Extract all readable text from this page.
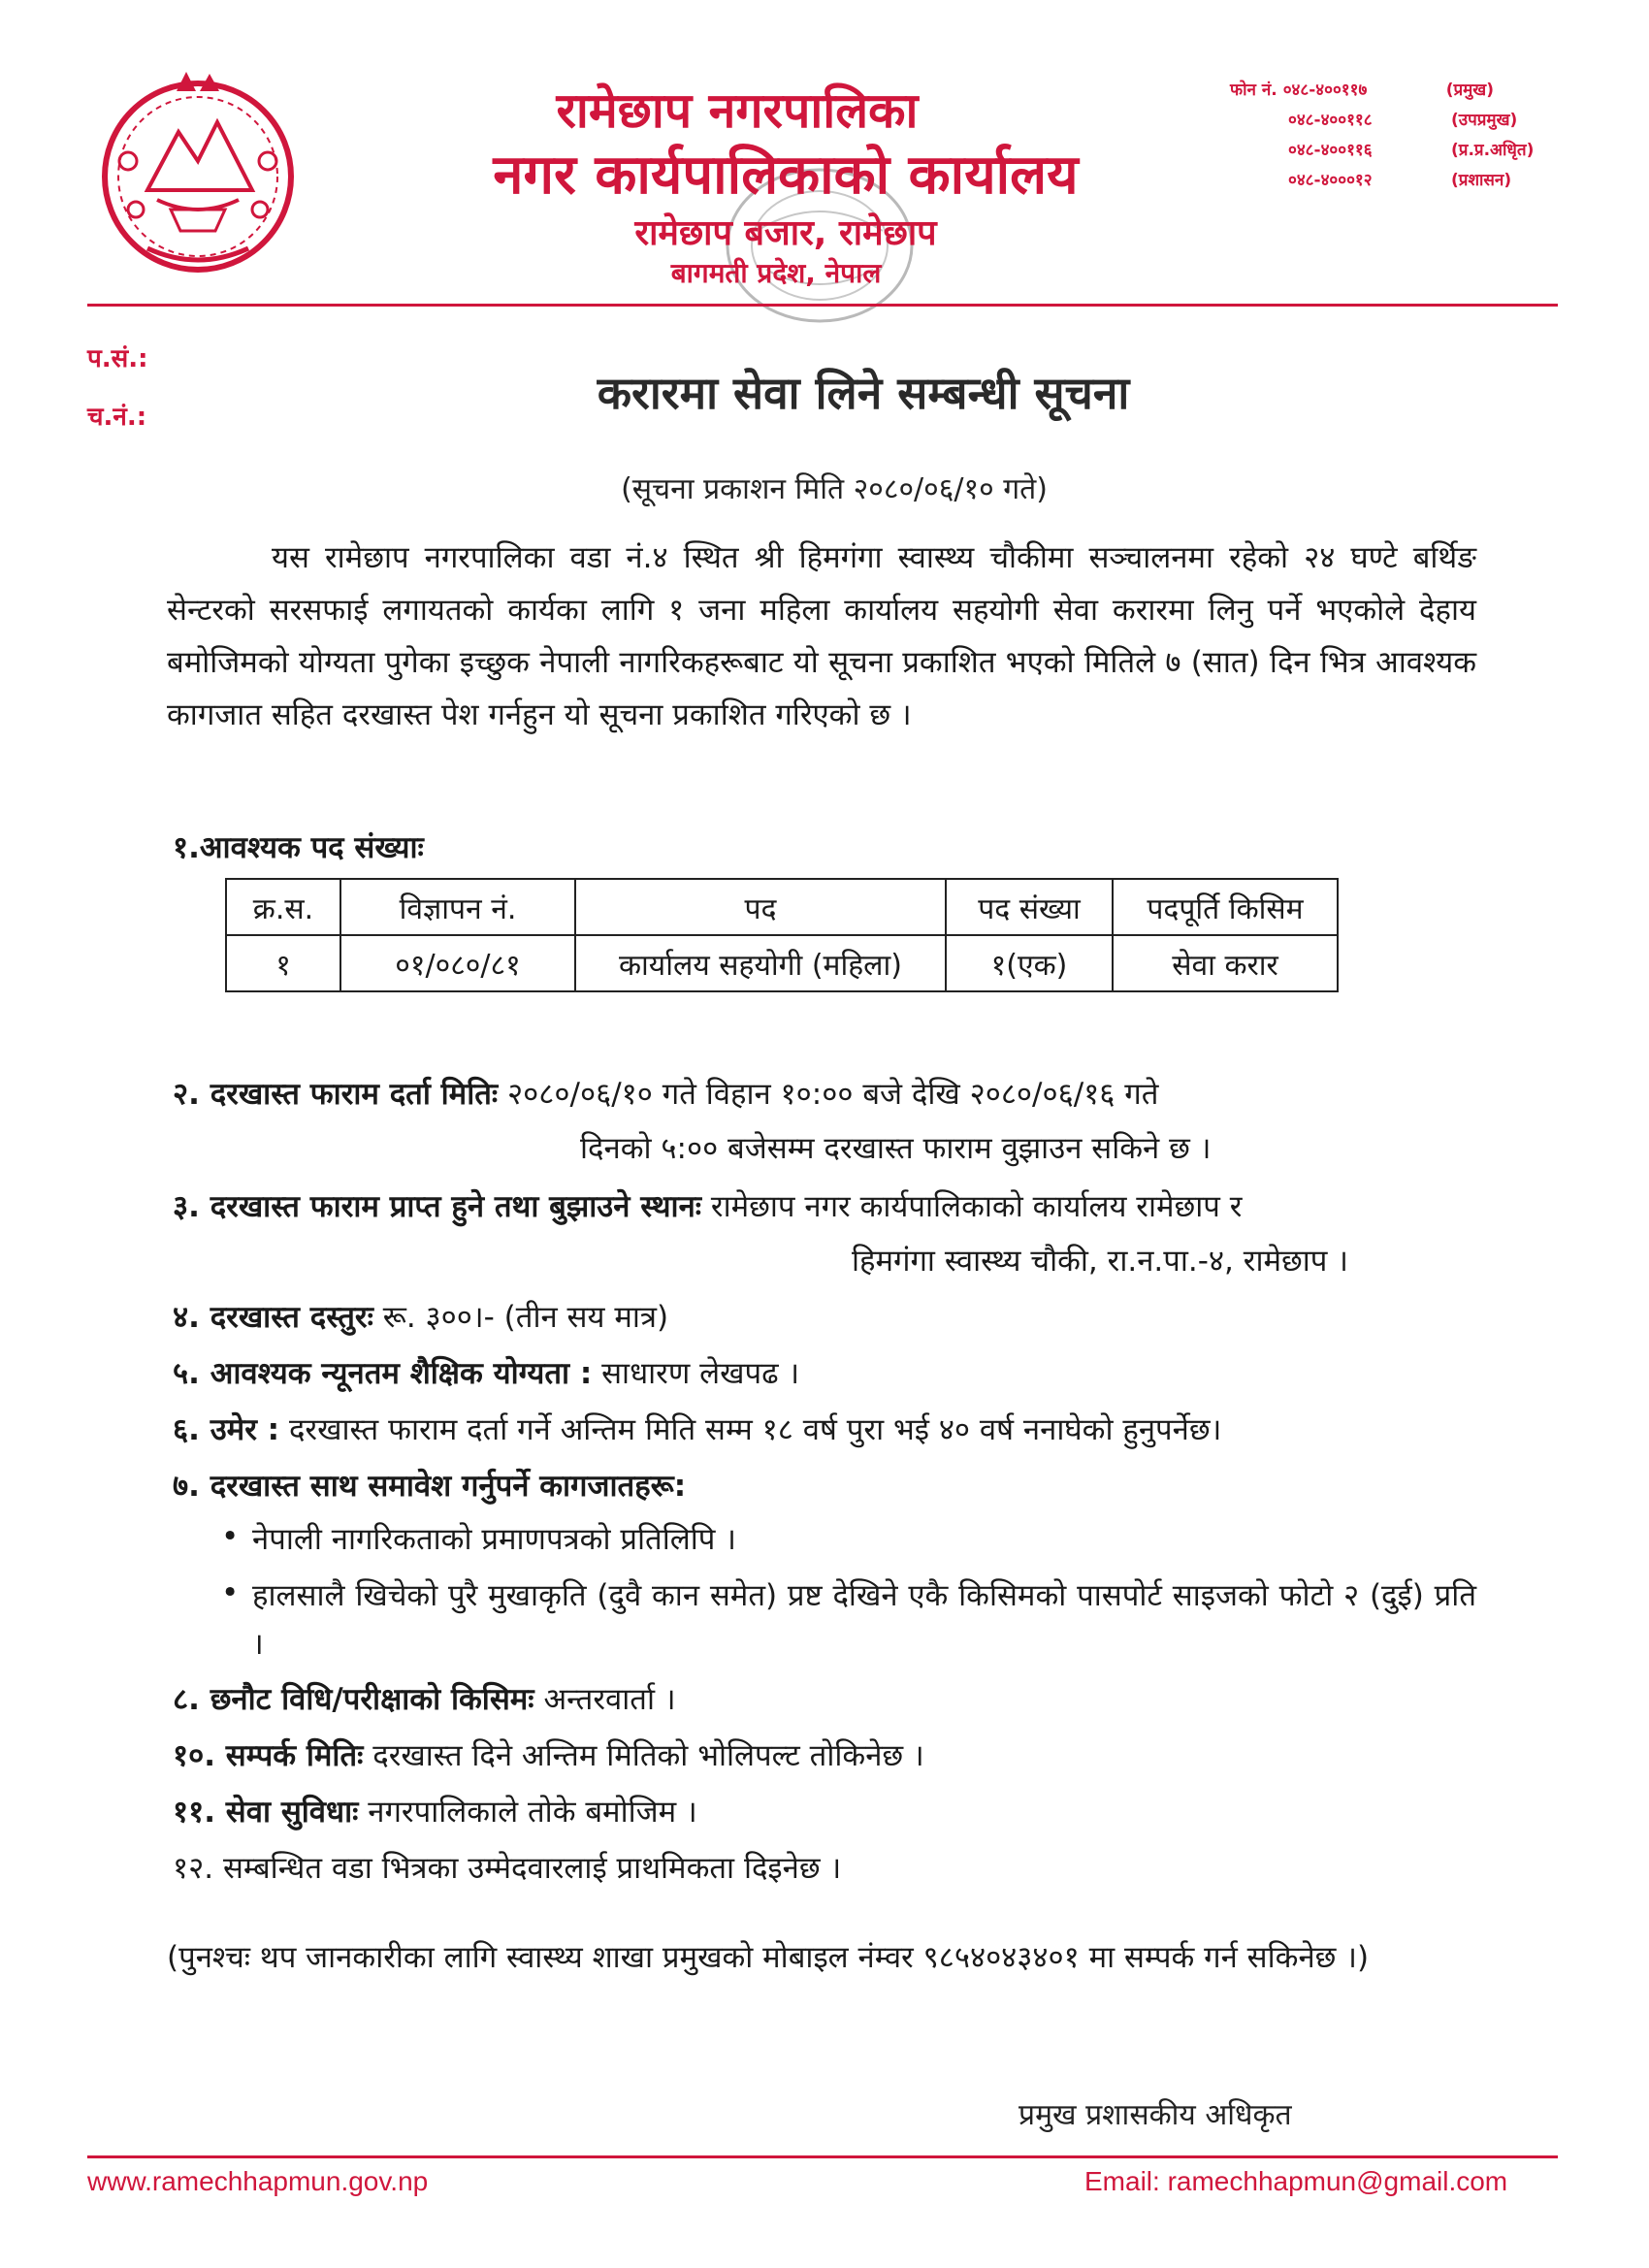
रामेछाप नगरपालिका
नगर कार्यपालिकाको कार्यालय
रामेछाप बजार, रामेछाप
बागमती प्रदेश, नेपाल
फोन नं. ०४८-४००११७	(प्रमुख)
०४८-४००११८	(उपप्रमुख)
०४८-४००११६	(प्र.प्र.अधिृत)
०४८-४०००१२	(प्रशासन)
प.सं.:
च.नं.:	करारमा सेवा लिने सम्बन्धी सूचना
(सूचना प्रकाशन मिति २०८०/०६/१० गते)
यस रामेछाप नगरपालिका वडा नं.४ स्थित श्री हिमगंगा स्वास्थ्य चौकीमा सञ्चालनमा रहेको २४ घण्टे बर्थिङ सेन्टरको सरसफाई लगायतको कार्यका लागि १ जना महिला कार्यालय सहयोगी सेवा करारमा लिनु पर्ने भएकोले देहाय बमोजिमको योग्यता पुगेका इच्छुक नेपाली नागरिकहरूबाट यो सूचना प्रकाशित भएको मितिले ७ (सात) दिन भित्र आवश्यक कागजात सहित दरखास्त पेश गर्नहुन यो सूचना प्रकाशित गरिएको छ ।
१.आवश्यक पद संख्याः
क्र.स.	विज्ञापन नं.	पद	पद संख्या	पदपूर्ति किसिम
१	०१/०८०/८१	कार्यालय सहयोगी (महिला)	१(एक)	सेवा करार
२. दरखास्त फाराम दर्ता मितिः २०८०/०६/१० गते विहान १०:०० बजे देखि २०८०/०६/१६ गते
दिनको ५:०० बजेसम्म दरखास्त फाराम वुझाउन सकिने छ ।
३. दरखास्त फाराम प्राप्त हुने तथा बुझाउने स्थानः रामेछाप नगर कार्यपालिकाको कार्यालय रामेछाप र
हिमगंगा स्वास्थ्य चौकी, रा.न.पा.-४, रामेछाप ।
४. दरखास्त दस्तुरः रू. ३००।- (तीन सय मात्र)
५. आवश्यक न्यूनतम शैक्षिक योग्यता : साधारण लेखपढ ।
६. उमेर : दरखास्त फाराम दर्ता गर्ने अन्तिम मिति सम्म १८ वर्ष पुरा भई ४० वर्ष ननाघेको हुनुपर्नेछ।
७. दरखास्त साथ समावेश गर्नुपर्ने कागजातहरू:
• नेपाली नागरिकताको प्रमाणपत्रको प्रतिलिपि ।
• हालसालै खिचेको पुरै मुखाकृति (दुवै कान समेत) प्रष्ट देखिने एकै किसिमको पासपोर्ट साइजको फोटो २ (दुई) प्रति ।
८. छनौट विधि/परीक्षाको किसिमः अन्तरवार्ता ।
१०. सम्पर्क मितिः दरखास्त दिने अन्तिम मितिको भोलिपल्ट तोकिनेछ ।
११. सेवा सुविधाः नगरपालिकाले तोके बमोजिम ।
१२. सम्बन्धित वडा भित्रका उम्मेदवारलाई प्राथमिकता दिइनेछ ।
(पुनश्चः थप जानकारीका लागि स्वास्थ्य शाखा प्रमुखको मोबाइल नंम्वर ९८५४०४३४०१ मा सम्पर्क गर्न सकिनेछ ।)
प्रमुख प्रशासकीय अधिकृत
www.ramechhapmun.gov.np	Email: ramechhapmun@gmail.com
